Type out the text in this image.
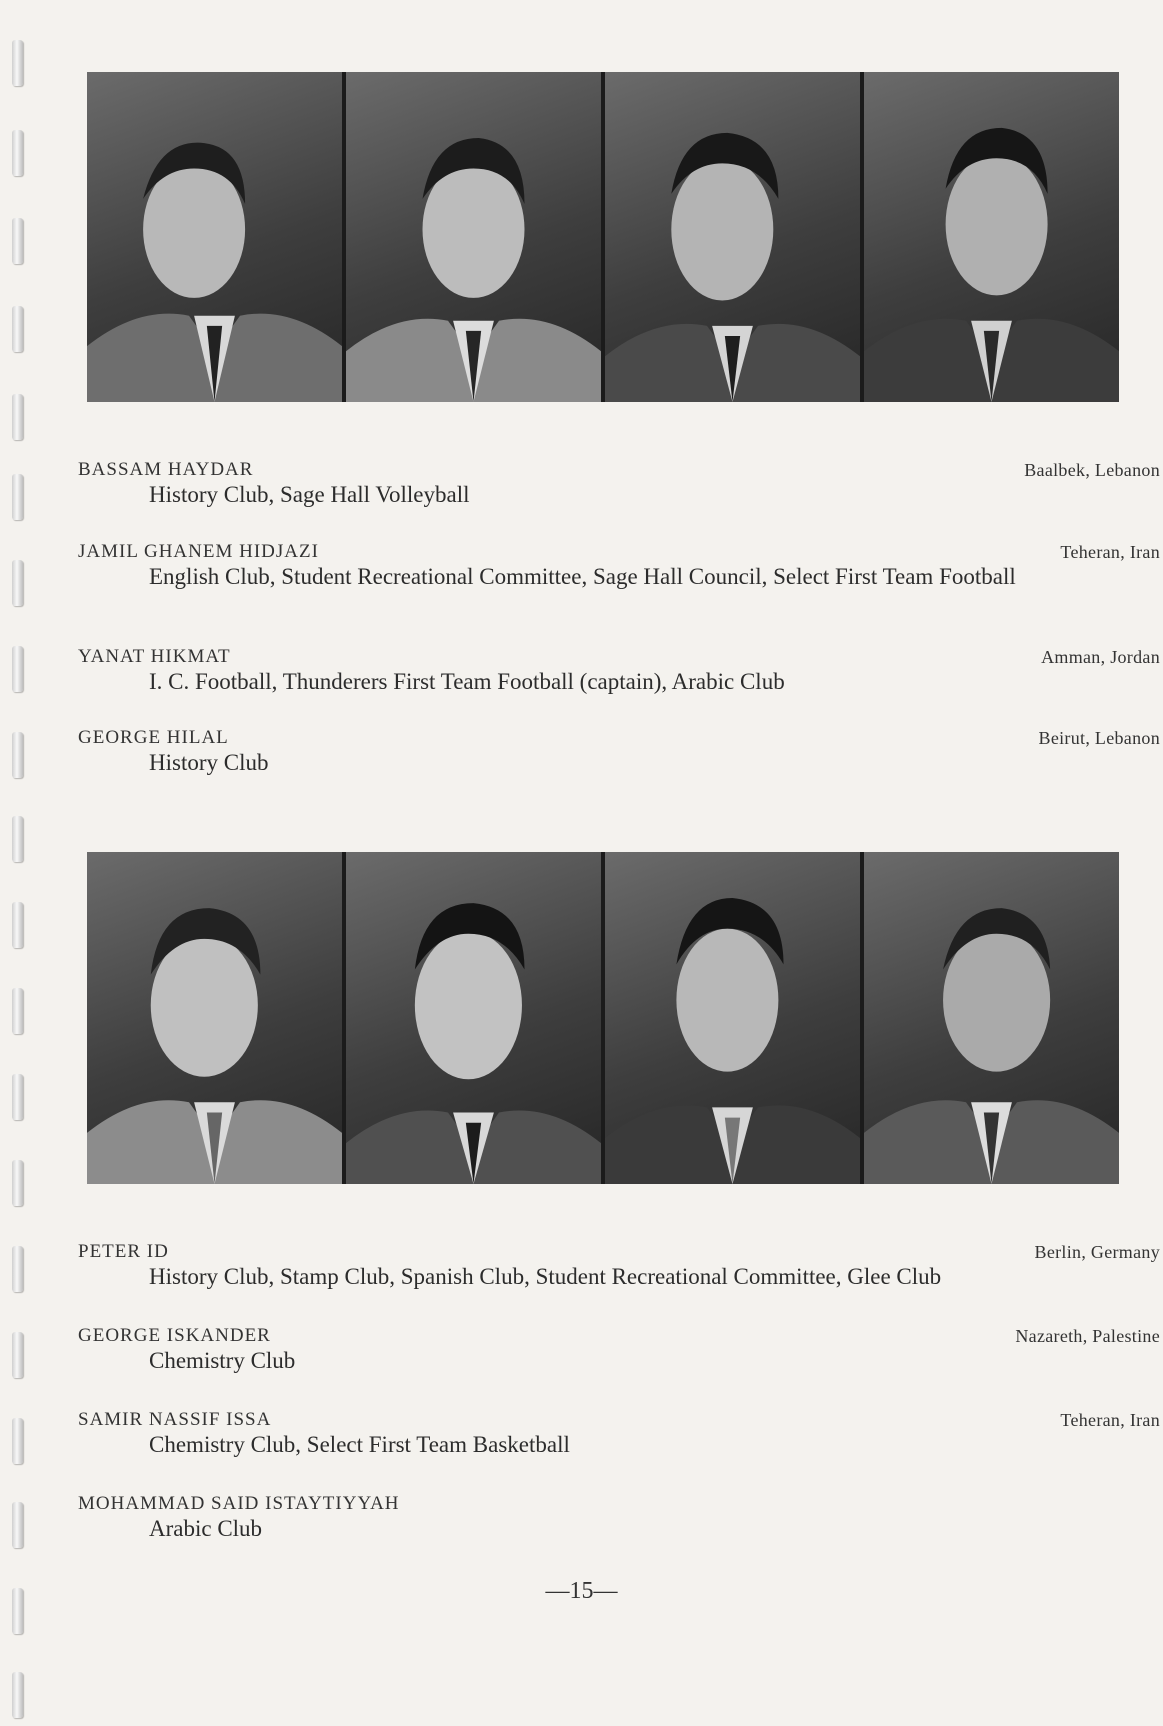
BASSAM HAYDAR	Baalbek, Lebanon
History Club, Sage Hall Volleyball
JAMIL GHANEM HIDJAZI	Teheran, Iran
English Club, Student Recreational Committee, Sage Hall Council, Select First Team Football
YANAT HIKMAT	Amman, Jordan
I. C. Football, Thunderers First Team Football (captain), Arabic Club
GEORGE HILAL	Beirut, Lebanon
History Club
PETER ID	Berlin, Germany
History Club, Stamp Club, Spanish Club, Student Recreational Committee, Glee Club
GEORGE ISKANDER	Nazareth, Palestine
Chemistry Club
SAMIR NASSIF ISSA	Teheran, Iran
Chemistry Club, Select First Team Basketball
MOHAMMAD SAID ISTAYTIYYAH
Arabic Club
—15—
